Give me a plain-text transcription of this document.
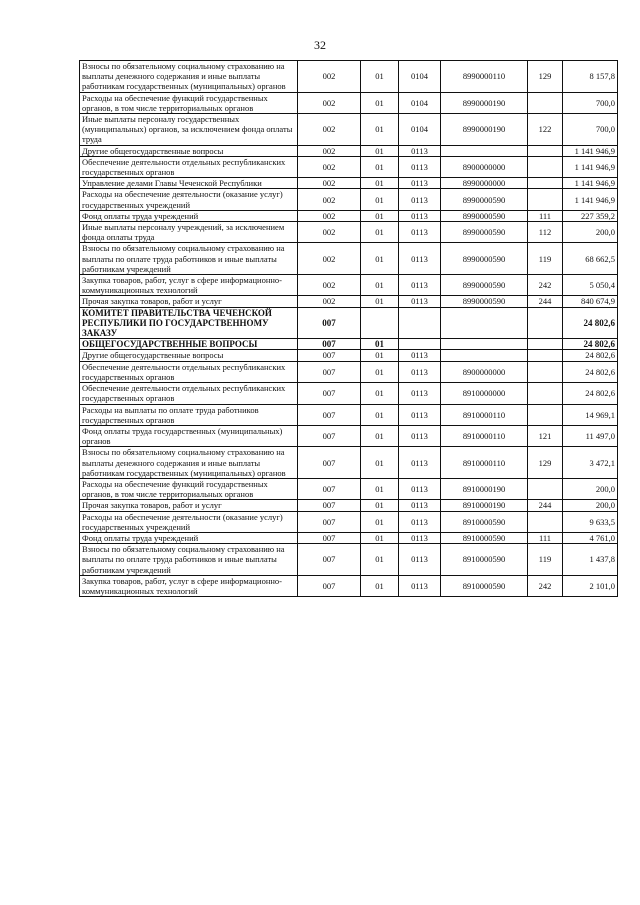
32
Взносы по обязательному социальному страхованию на выплаты денежного содержания и иные выплаты работникам государственных (муниципальных) органов	002	01	0104	8990000110	129	8 157,8
Расходы на обеспечение функций государственных органов, в том числе территориальных органов	002	01	0104	8990000190		700,0
Иные выплаты персоналу государственных (муниципальных) органов, за исключением фонда оплаты труда	002	01	0104	8990000190	122	700,0
Другие общегосударственные вопросы	002	01	0113			1 141 946,9
Обеспечение деятельности отдельных республиканских государственных органов	002	01	0113	8900000000		1 141 946,9
Управление делами Главы Чеченской Республики	002	01	0113	8990000000		1 141 946,9
Расходы на обеспечение деятельности (оказание услуг) государственных учреждений	002	01	0113	8990000590		1 141 946,9
Фонд оплаты труда учреждений	002	01	0113	8990000590	111	227 359,2
Иные выплаты персоналу учреждений, за исключением фонда оплаты труда	002	01	0113	8990000590	112	200,0
Взносы по обязательному социальному страхованию на выплаты по оплате труда работников и иные выплаты работникам учреждений	002	01	0113	8990000590	119	68 662,5
Закупка товаров, работ, услуг в сфере информационно-коммуникационных технологий	002	01	0113	8990000590	242	5 050,4
Прочая закупка товаров, работ и услуг	002	01	0113	8990000590	244	840 674,9
КОМИТЕТ ПРАВИТЕЛЬСТВА ЧЕЧЕНСКОЙ РЕСПУБЛИКИ ПО ГОСУДАРСТВЕННОМУ ЗАКАЗУ	007					24 802,6
ОБЩЕГОСУДАРСТВЕННЫЕ ВОПРОСЫ	007	01				24 802,6
Другие общегосударственные вопросы	007	01	0113			24 802,6
Обеспечение деятельности отдельных республиканских государственных органов	007	01	0113	8900000000		24 802,6
Обеспечение деятельности отдельных республиканских государственных органов	007	01	0113	8910000000		24 802,6
Расходы на выплаты по оплате труда работников государственных органов	007	01	0113	8910000110		14 969,1
Фонд оплаты труда государственных (муниципальных) органов	007	01	0113	8910000110	121	11 497,0
Взносы по обязательному социальному страхованию на выплаты денежного содержания и иные выплаты работникам государственных (муниципальных) органов	007	01	0113	8910000110	129	3 472,1
Расходы на обеспечение функций государственных органов, в том числе территориальных органов	007	01	0113	8910000190		200,0
Прочая закупка товаров, работ и услуг	007	01	0113	8910000190	244	200,0
Расходы на обеспечение деятельности (оказание услуг) государственных учреждений	007	01	0113	8910000590		9 633,5
Фонд оплаты труда учреждений	007	01	0113	8910000590	111	4 761,0
Взносы по обязательному социальному страхованию на выплаты по оплате труда работников и иные выплаты работникам учреждений	007	01	0113	8910000590	119	1 437,8
Закупка товаров, работ, услуг в сфере информационно-коммуникационных технологий	007	01	0113	8910000590	242	2 101,0
